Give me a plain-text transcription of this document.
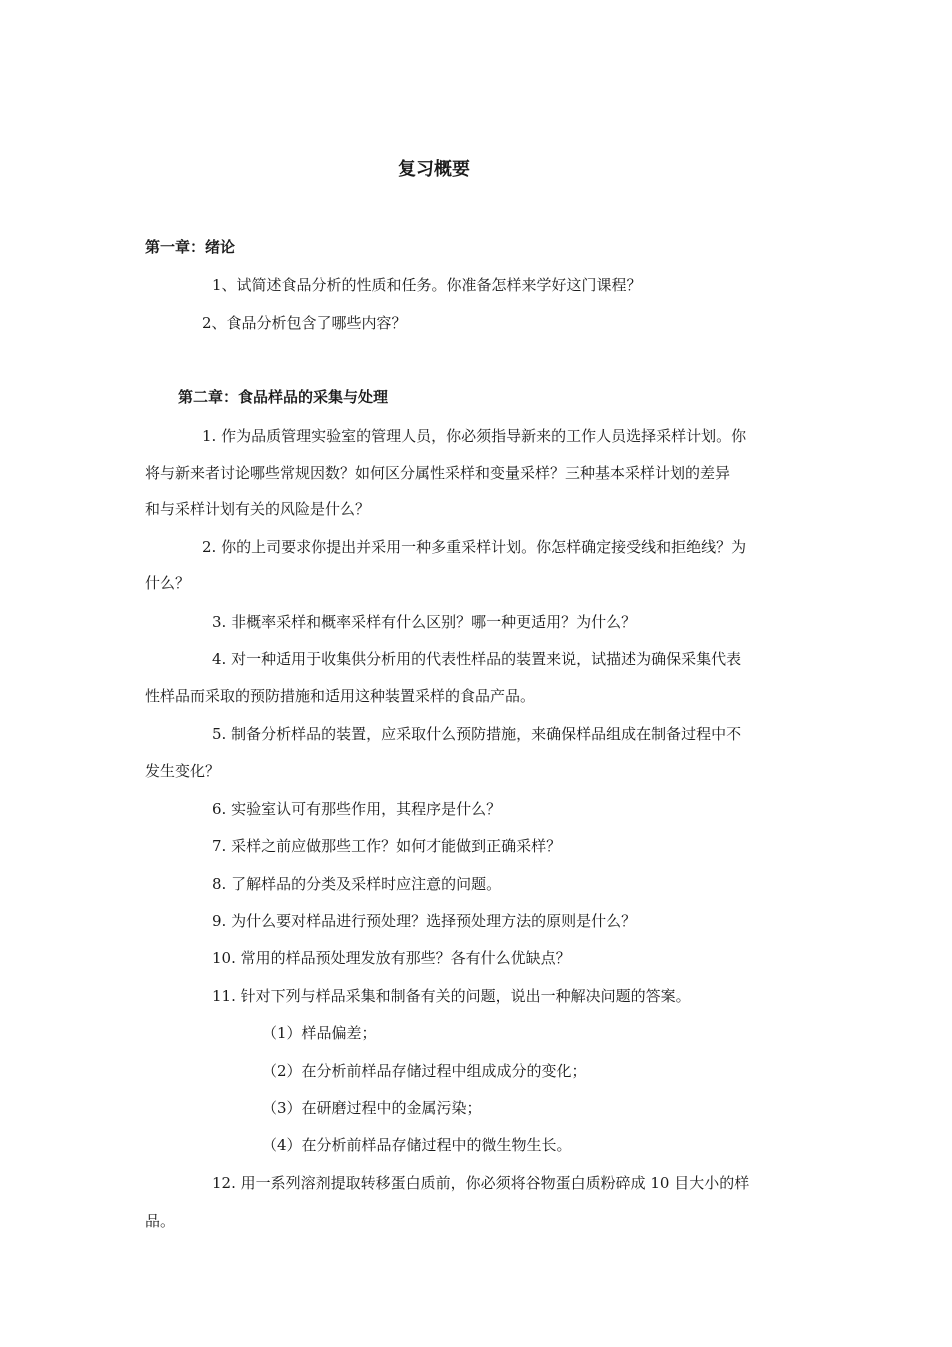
复习概要
第一章：绪论
1、试简述食品分析的性质和任务。你准备怎样来学好这门课程？
2、食品分析包含了哪些内容？
第二章：食品样品的采集与处理
1. 作为品质管理实验室的管理人员，你必须指导新来的工作人员选择采样计划。你
将与新来者讨论哪些常规因数？如何区分属性采样和变量采样？三种基本采样计划的差异
和与采样计划有关的风险是什么？
2. 你的上司要求你提出并采用一种多重采样计划。你怎样确定接受线和拒绝线？为
什么？
3. 非概率采样和概率采样有什么区别？哪一种更适用？为什么？
4. 对一种适用于收集供分析用的代表性样品的装置来说，试描述为确保采集代表
性样品而采取的预防措施和适用这种装置采样的食品产品。
5. 制备分析样品的装置，应采取什么预防措施，来确保样品组成在制备过程中不
发生变化？
6. 实验室认可有那些作用，其程序是什么？
7. 采样之前应做那些工作？如何才能做到正确采样？
8. 了解样品的分类及采样时应注意的问题。
9. 为什么要对样品进行预处理？选择预处理方法的原则是什么？
10. 常用的样品预处理发放有那些？各有什么优缺点？
11. 针对下列与样品采集和制备有关的问题，说出一种解决问题的答案。
（1）样品偏差；
（2）在分析前样品存储过程中组成成分的变化；
（3）在研磨过程中的金属污染；
（4）在分析前样品存储过程中的微生物生长。
12. 用一系列溶剂提取转移蛋白质前，你必须将谷物蛋白质粉碎成 10 目大小的样
品。
